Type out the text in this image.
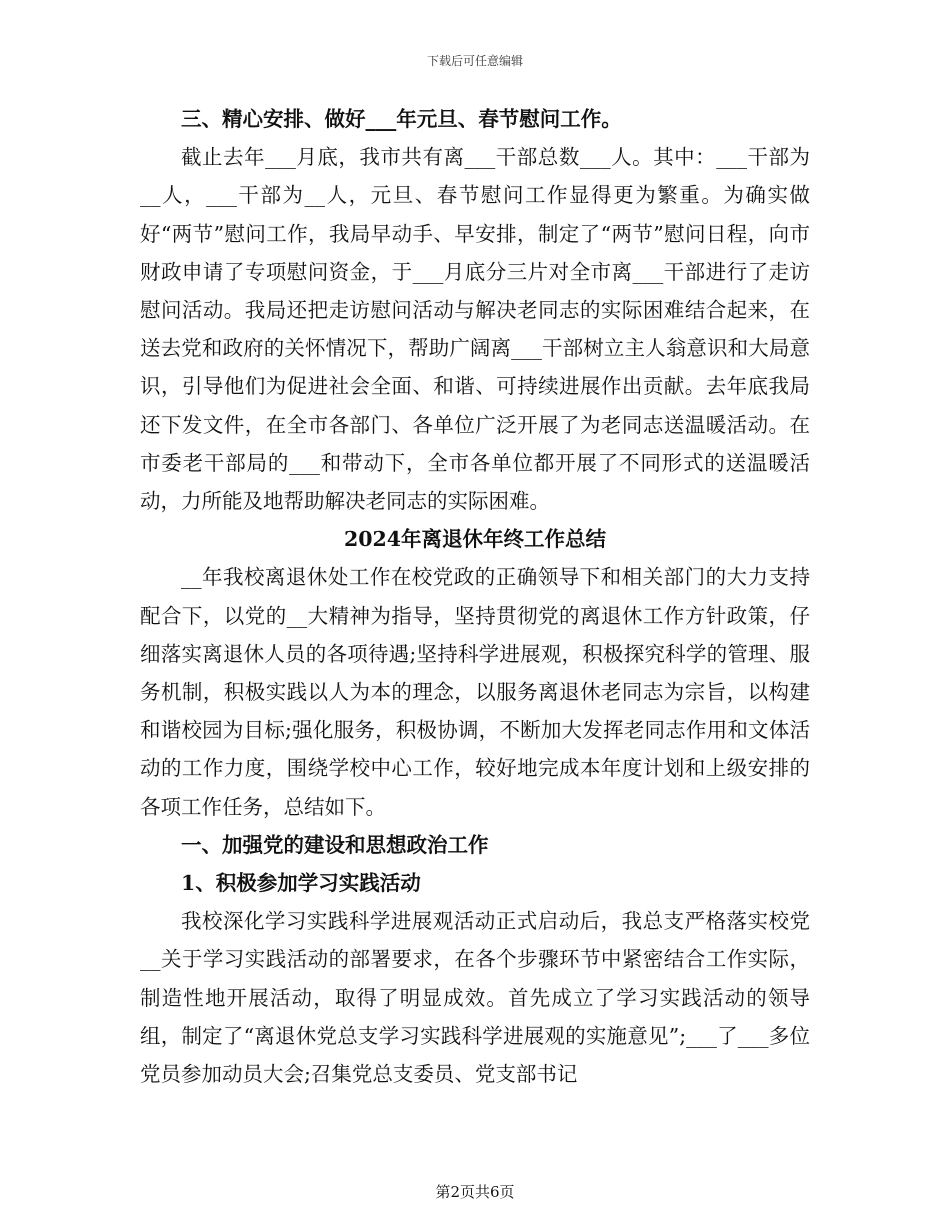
下载后可任意编辑

三、精心安排、做好___年元旦、春节慰问工作。

截止去年___月底，我市共有离___干部总数___人。其中：___干部为__人，___干部为__人，元旦、春节慰问工作显得更为繁重。为确实做好“两节”慰问工作，我局早动手、早安排，制定了“两节”慰问日程，向市财政申请了专项慰问资金，于___月底分三片对全市离___干部进行了走访慰问活动。我局还把走访慰问活动与解决老同志的实际困难结合起来，在送去党和政府的关怀情况下，帮助广阔离___干部树立主人翁意识和大局意识，引导他们为促进社会全面、和谐、可持续进展作出贡献。去年底我局还下发文件，在全市各部门、各单位广泛开展了为老同志送温暖活动。在市委老干部局的___和带动下，全市各单位都开展了不同形式的送温暖活动，力所能及地帮助解决老同志的实际困难。

2024年离退休年终工作总结

__年我校离退休处工作在校党政的正确领导下和相关部门的大力支持配合下，以党的__大精神为指导，坚持贯彻党的离退休工作方针政策，仔细落实离退休人员的各项待遇;坚持科学进展观，积极探究科学的管理、服务机制，积极实践以人为本的理念，以服务离退休老同志为宗旨，以构建和谐校园为目标;强化服务，积极协调，不断加大发挥老同志作用和文体活动的工作力度，围绕学校中心工作，较好地完成本年度计划和上级安排的各项工作任务，总结如下。

一、加强党的建设和思想政治工作

1、积极参加学习实践活动

我校深化学习实践科学进展观活动正式启动后，我总支严格落实校党__关于学习实践活动的部署要求，在各个步骤环节中紧密结合工作实际，制造性地开展活动，取得了明显成效。首先成立了学习实践活动的领导组，制定了“离退休党总支学习实践科学进展观的实施意见”;___了___多位党员参加动员大会;召集党总支委员、党支部书记

第2页共6页
